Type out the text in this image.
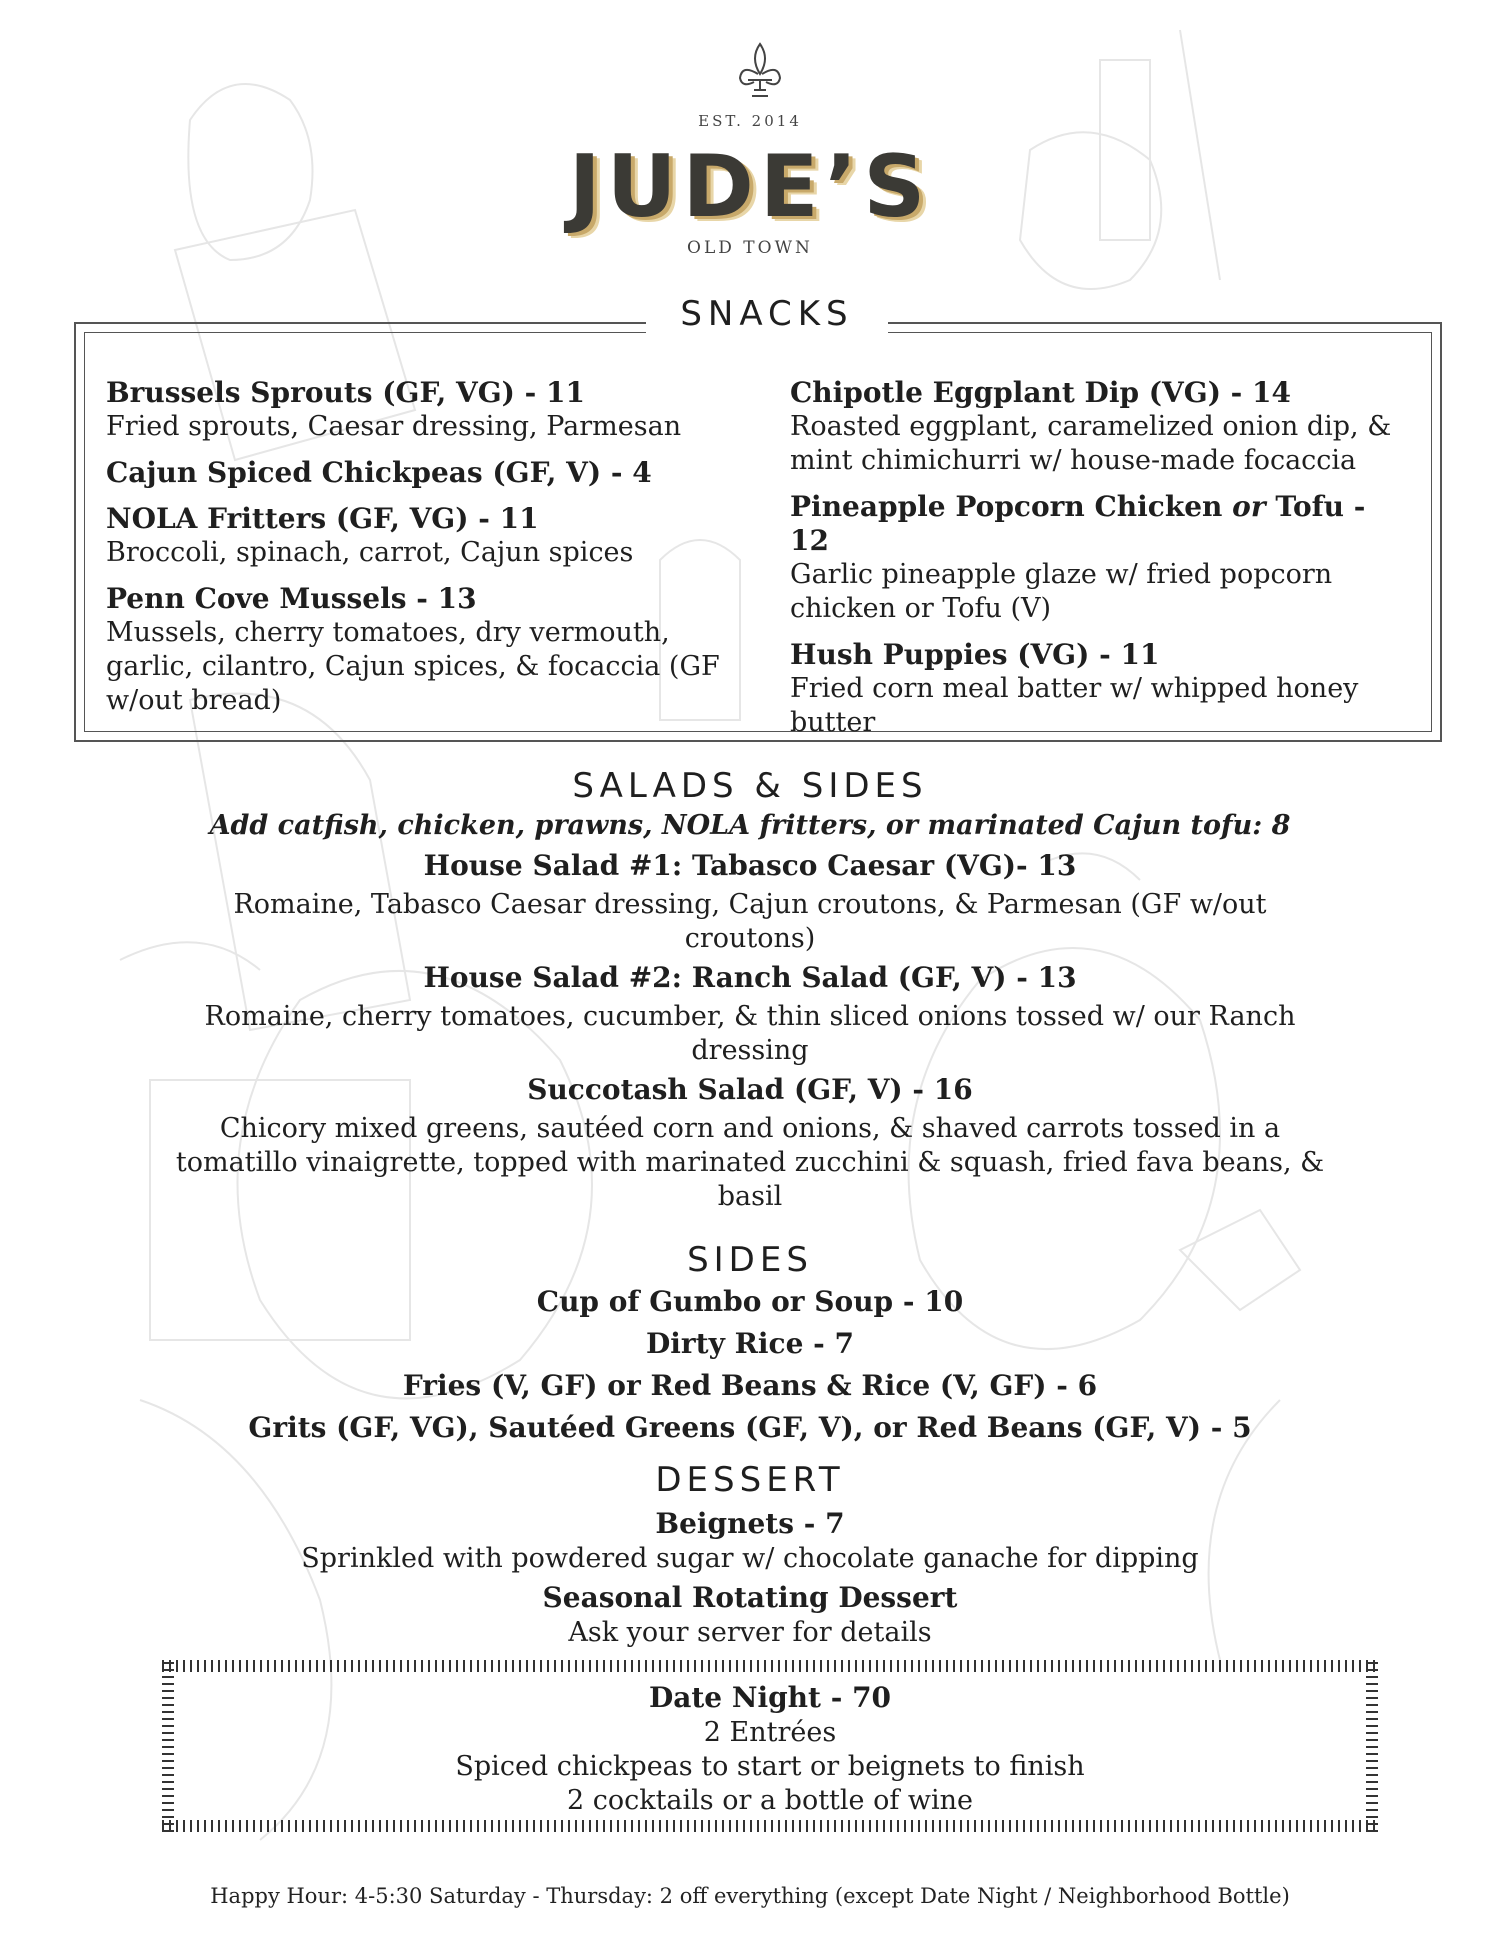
EST. 2014
JUDE’S
OLD TOWN
SNACKS
Brussels Sprouts (GF, VG) - 11
Fried sprouts, Caesar dressing, Parmesan
Cajun Spiced Chickpeas (GF, V) - 4
NOLA Fritters (GF, VG) - 11
Broccoli, spinach, carrot, Cajun spices
Penn Cove Mussels - 13
Mussels, cherry tomatoes, dry vermouth, garlic, cilantro, Cajun spices, & focaccia (GF w/out bread)
Chipotle Eggplant Dip (VG) - 14
Roasted eggplant, caramelized onion dip, & mint chimichurri w/ house-made focaccia
Pineapple Popcorn Chicken or Tofu - 12
Garlic pineapple glaze w/ fried popcorn chicken or Tofu (V)
Hush Puppies (VG) - 11
Fried corn meal batter w/ whipped honey butter
SALADS & SIDES
Add catfish, chicken, prawns, NOLA fritters, or marinated Cajun tofu: 8
House Salad #1: Tabasco Caesar (VG)- 13
Romaine, Tabasco Caesar dressing, Cajun croutons, & Parmesan (GF w/out croutons)
House Salad #2: Ranch Salad (GF, V) - 13
Romaine, cherry tomatoes, cucumber, & thin sliced onions tossed w/ our Ranch dressing
Succotash Salad (GF, V) - 16
Chicory mixed greens, sautéed corn and onions, & shaved carrots tossed in a tomatillo vinaigrette, topped with marinated zucchini & squash, fried fava beans, & basil
SIDES
Cup of Gumbo or Soup - 10
Dirty Rice - 7
Fries (V, GF) or Red Beans & Rice (V, GF) - 6
Grits (GF, VG), Sautéed Greens (GF, V), or Red Beans (GF, V) - 5
DESSERT
Beignets - 7
Sprinkled with powdered sugar w/ chocolate ganache for dipping
Seasonal Rotating Dessert
Ask your server for details
Date Night - 70
2 Entrées
Spiced chickpeas to start or beignets to finish
2 cocktails or a bottle of wine
Happy Hour: 4-5:30 Saturday - Thursday: 2 off everything (except Date Night / Neighborhood Bottle)
